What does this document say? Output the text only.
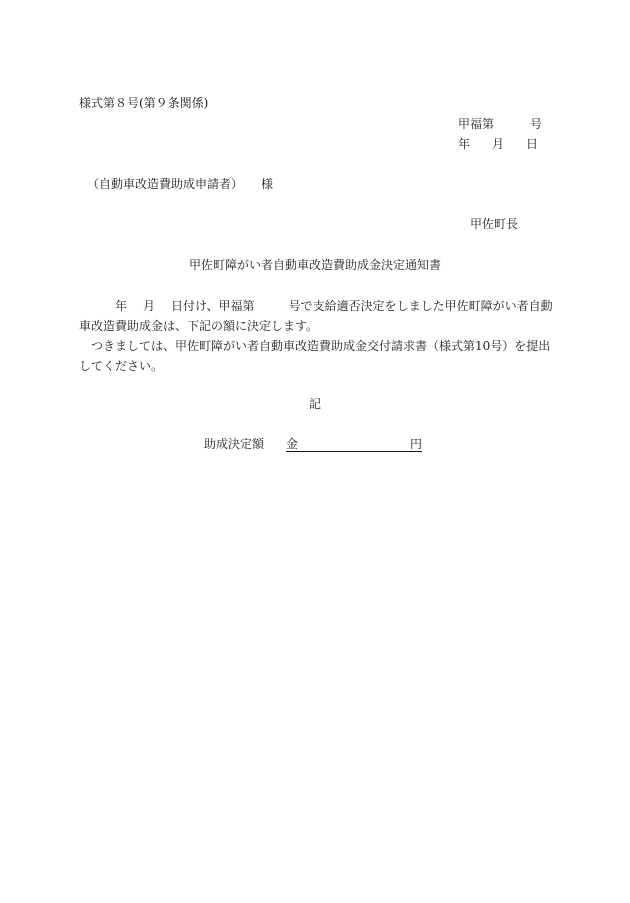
様式第８号(第９条関係)
甲福第	号
年 月 日
（自動車改造費助成申請者） 様
甲佐町長
甲佐町障がい者自動車改造費助成金決定通知書

年 月 日付け、甲福第	号で支給適否決定をしました甲佐町障がい者自動車改造費助成金は、下記の額に決定します。

つきましては、甲佐町障がい者自動車改造費助成金交付請求書（様式第10号）を提出してください。

記
助成決定額 金	円
